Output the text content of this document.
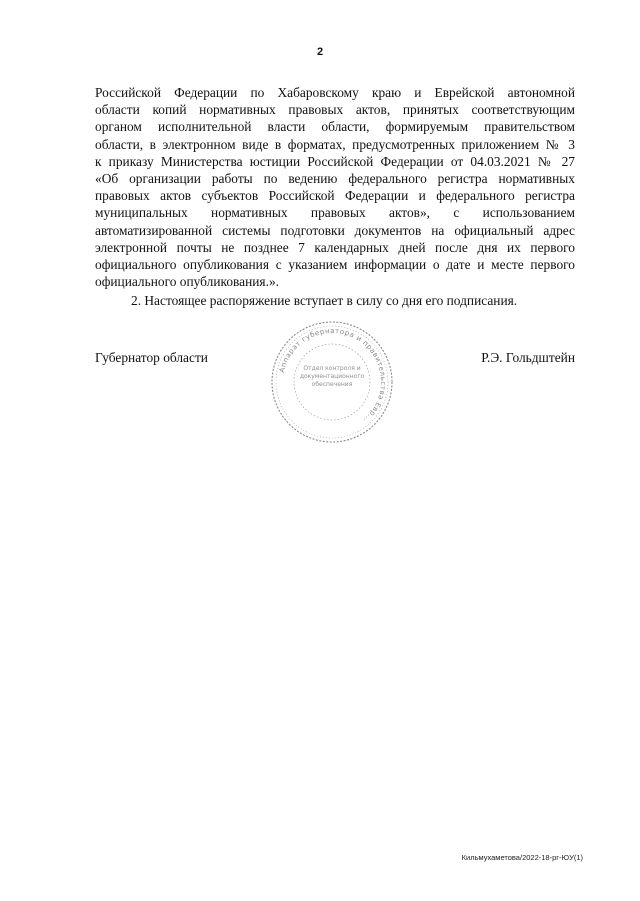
2
Российской Федерации по Хабаровскому краю и Еврейской автономной
области копий нормативных правовых актов, принятых соответствующим
органом исполнительной власти области, формируемым правительством
области, в электронном виде в форматах, предусмотренных приложением № 3
к приказу Министерства юстиции Российской Федерации от 04.03.2021 № 27
«Об организации работы по ведению федерального регистра нормативных
правовых актов субъектов Российской Федерации и федерального регистра
муниципальных нормативных правовых актов», с использованием
автоматизированной системы подготовки документов на официальный адрес
электронной почты не позднее 7 календарных дней после дня их первого
официального опубликования с указанием информации о дате и месте первого
официального опубликования.».
2. Настоящее распоряжение вступает в силу со дня его подписания.
Аппарат губернатора и правительства Евр...
Отдел контроля и документационного обеспечения
Губернатор области	Р.Э. Гольдштейн
Кильмухаметова/2022-18-рг-ЮУ(1)
